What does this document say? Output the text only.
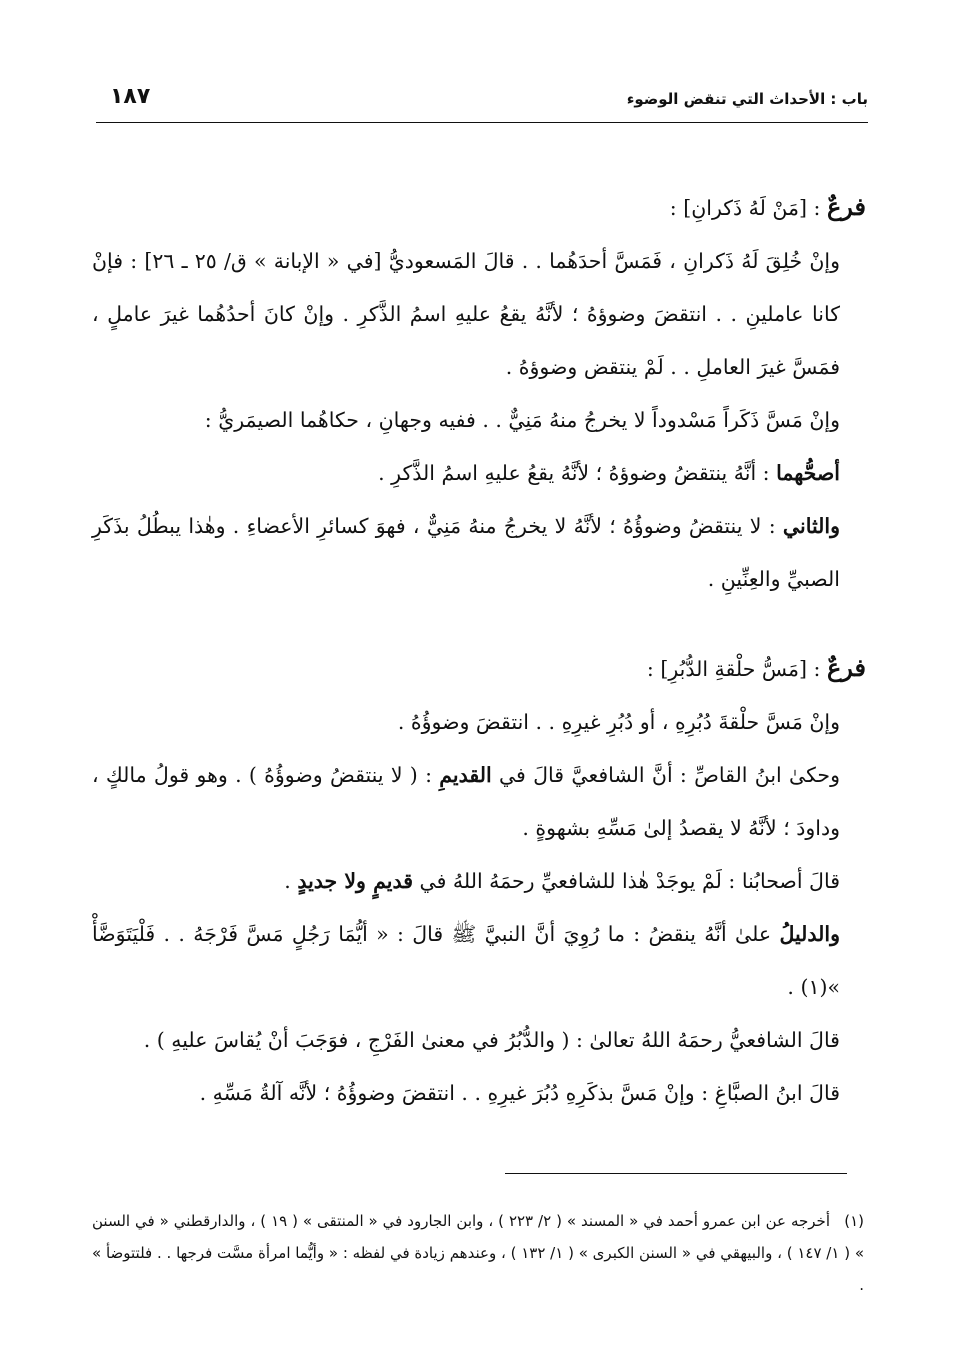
باب : الأحداث التي تنقض الوضوء
١٨٧

فرعٌ : [مَنْ لَهُ ذَكرانِ] :

وإنْ خُلِقَ لَهُ ذَكرانِ ، فَمَسَّ أحدَهُما . . قالَ المَسعوديُّ [في « الإبانة » ق/ ٢٥ ـ ٢٦] : فإنْ كانا عاملينِ . . انتقضَ وضوؤهُ ؛ لأنَّهُ يقعُ عليهِ اسمُ الذَّكرِ . وإنْ كانَ أحدُهُما غيرَ عاملٍ ، فمَسَّ غيرَ العاملِ . . لَمْ ينتقض وضوؤهُ .

وإنْ مَسَّ ذَكَراً مَسْدوداً لا يخرجُ منهُ مَنِيٌّ . . ففيه وجهانِ ، حكاهُما الصيمَريُّ :

أصحُّهما : أنَّهُ ينتقضُ وضوؤهُ ؛ لأنَّهُ يقعُ عليهِ اسمُ الذَّكرِ .

والثاني : لا ينتقضُ وضوؤُهُ ؛ لأنَّهُ لا يخرجُ منهُ مَنِيٌّ ، فهوَ كسائرِ الأعضاءِ . وهٰذا يبطُلُ بذَكَرِ الصبيِّ والعِنِّينِ .

فرعٌ : [مَسُّ حلْقةِ الدُّبُرِ] :

وإنْ مَسَّ حلْقةَ دُبُرِهِ ، أو دُبُرِ غيرِهِ . . انتقضَ وضوؤُهُ .

وحكىٰ ابنُ القاصِّ : أنَّ الشافعيَّ قالَ في القديمِ : ( لا ينتقضُ وضوؤُهُ ) . وهو قولُ مالكٍ ، وداودَ ؛ لأنَّهُ لا يقصدُ إلىٰ مَسِّهِ بشهوةٍ .

قالَ أصحابُنا : لَمْ يوجَدْ هٰذا للشافعيِّ رحمَهُ اللهُ في قديمٍ ولا جديدٍ .

والدليلُ علىٰ أنَّهُ ينقضُ : ما رُوِيَ أنَّ النبيَّ ﷺ قالَ : « أيُّمَا رَجُلٍ مَسَّ فَرْجَهُ . . فَلْيَتَوَضَّأْ »(١) .

قالَ الشافعيُّ رحمَهُ اللهُ تعالىٰ : ( والدُّبُرُ في معنىٰ الفَرْجِ ، فوَجَبَ أنْ يُقاسَ عليهِ ) .

قالَ ابنُ الصبَّاغِ : وإنْ مَسَّ بذكَرِهِ دُبُرَ غيرِهِ . . انتقضَ وضوؤُهُ ؛ لأنَّه آلةُ مَسِّهِ .

(١)أخرجه عن ابن عمرو أحمد في « المسند » ( ٢/ ٢٢٣ ) ، وابن الجارود في « المنتقى » ( ١٩ ) ، والدارقطني « في السنن » ( ١/ ١٤٧ ) ، والبيهقي في « السنن الكبرى » ( ١/ ١٣٢ ) ، وعندهم زيادة في لفظه : « وأيُّما امرأة مسَّت فرجها . . فلتتوضأ » .
